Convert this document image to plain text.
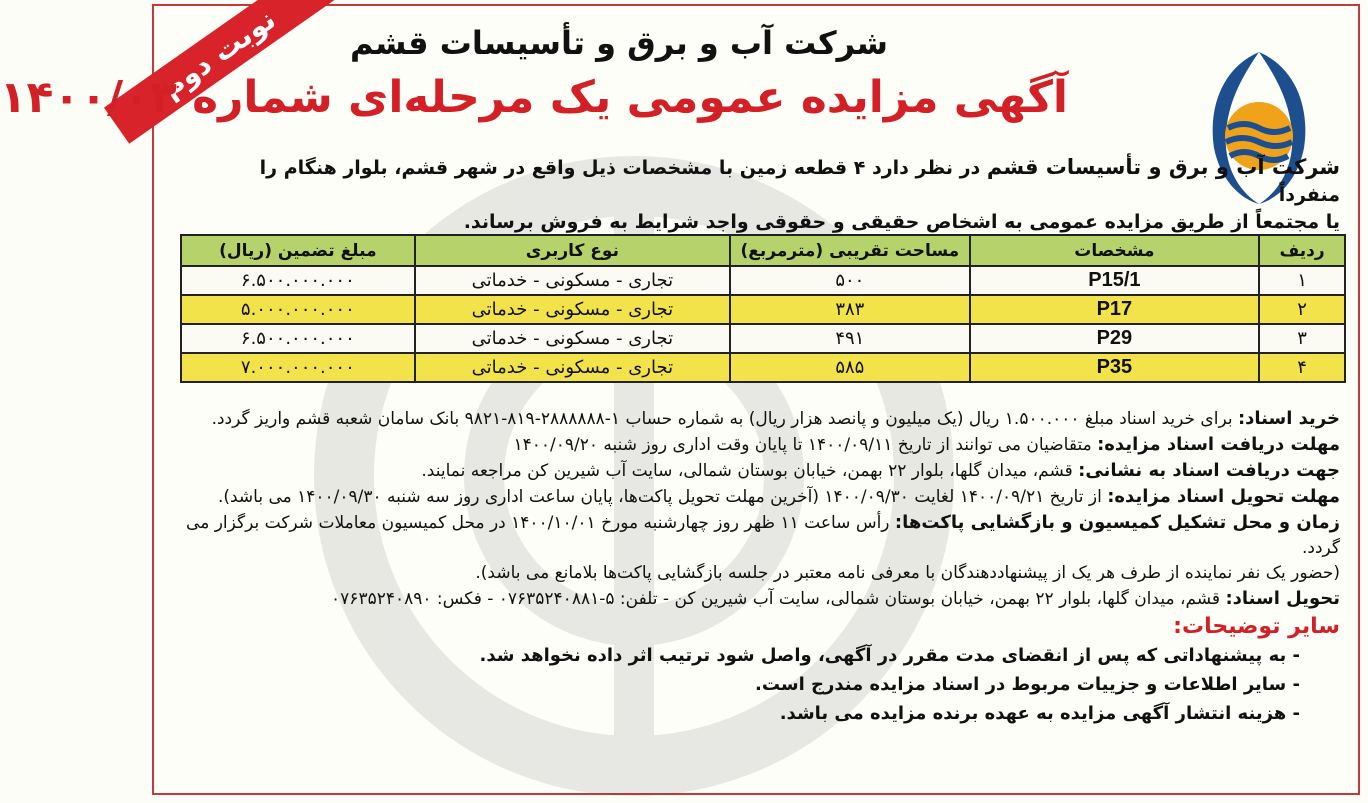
نوبت دوم	شرکت آب و برق و تأسیسات قشم
آگهی مزایده عمومی یک مرحله‌ای شماره ۱۴۰۰/۰۳
شرکت آب و برق و تأسیسات قشم در نظر دارد ۴ قطعه زمین با مشخصات ذیل واقع در شهر قشم، بلوار هنگام را منفرداً
یا مجتمعاً از طریق مزایده عمومی به اشخاص حقیقی و حقوقی واجد شرایط به فروش برساند.
ردیف	مشخصات	مساحت تقریبی (مترمربع)	نوع کاربری	مبلغ تضمین (ریال)
۱	P15/1	۵۰۰	تجاری - مسکونی - خدماتی	۶.۵۰۰.۰۰۰.۰۰۰
۲	P17	۳۸۳	تجاری - مسکونی - خدماتی	۵.۰۰۰.۰۰۰.۰۰۰
۳	P29	۴۹۱	تجاری - مسکونی - خدماتی	۶.۵۰۰.۰۰۰.۰۰۰
۴	P35	۵۸۵	تجاری - مسکونی - خدماتی	۷.۰۰۰.۰۰۰.۰۰۰

خرید اسناد: برای خرید اسناد مبلغ ۱.۵۰۰.۰۰۰ ریال (یک میلیون و پانصد هزار ریال) به شماره حساب ۱-۲۸۸۸۸۸۸-۸۱۹-۹۸۲۱ بانک سامان شعبه قشم واریز گردد.

مهلت دریافت اسناد مزایده: متقاضیان می توانند از تاریخ ۱۴۰۰/۰۹/۱۱ تا پایان وقت اداری روز شنبه ۱۴۰۰/۰۹/۲۰

جهت دریافت اسناد به نشانی: قشم، میدان گلها، بلوار ۲۲ بهمن، خیابان بوستان شمالی، سایت آب شیرین کن مراجعه نمایند.

مهلت تحویل اسناد مزایده: از تاریخ ۱۴۰۰/۰۹/۲۱ لغایت ۱۴۰۰/۰۹/۳۰ (آخرین مهلت تحویل پاکت‌ها، پایان ساعت اداری روز سه شنبه ۱۴۰۰/۰۹/۳۰ می باشد).

زمان و محل تشکیل کمیسیون و بازگشایی پاکت‌ها: رأس ساعت ۱۱ ظهر روز چهارشنبه مورخ ۱۴۰۰/۱۰/۰۱ در محل کمیسیون معاملات شرکت برگزار می گردد.

(حضور یک نفر نماینده از طرف هر یک از پیشنهاددهندگان با معرفی نامه معتبر در جلسه بازگشایی پاکت‌ها بلامانع می باشد).

تحویل اسناد: قشم، میدان گلها، بلوار ۲۲ بهمن، خیابان بوستان شمالی، سایت آب شیرین کن - تلفن: ۵-۰۷۶۳۵۲۴۰۸۸۱ - فکس: ۰۷۶۳۵۲۴۰۸۹۰

سایر توضیحات:

- به پیشنهاداتی که پس از انقضای مدت مقرر در آگهی، واصل شود ترتیب اثر داده نخواهد شد.
- سایر اطلاعات و جزییات مربوط در اسناد مزایده مندرج است.
- هزینه انتشار آگهی مزایده به عهده برنده مزایده می باشد.
